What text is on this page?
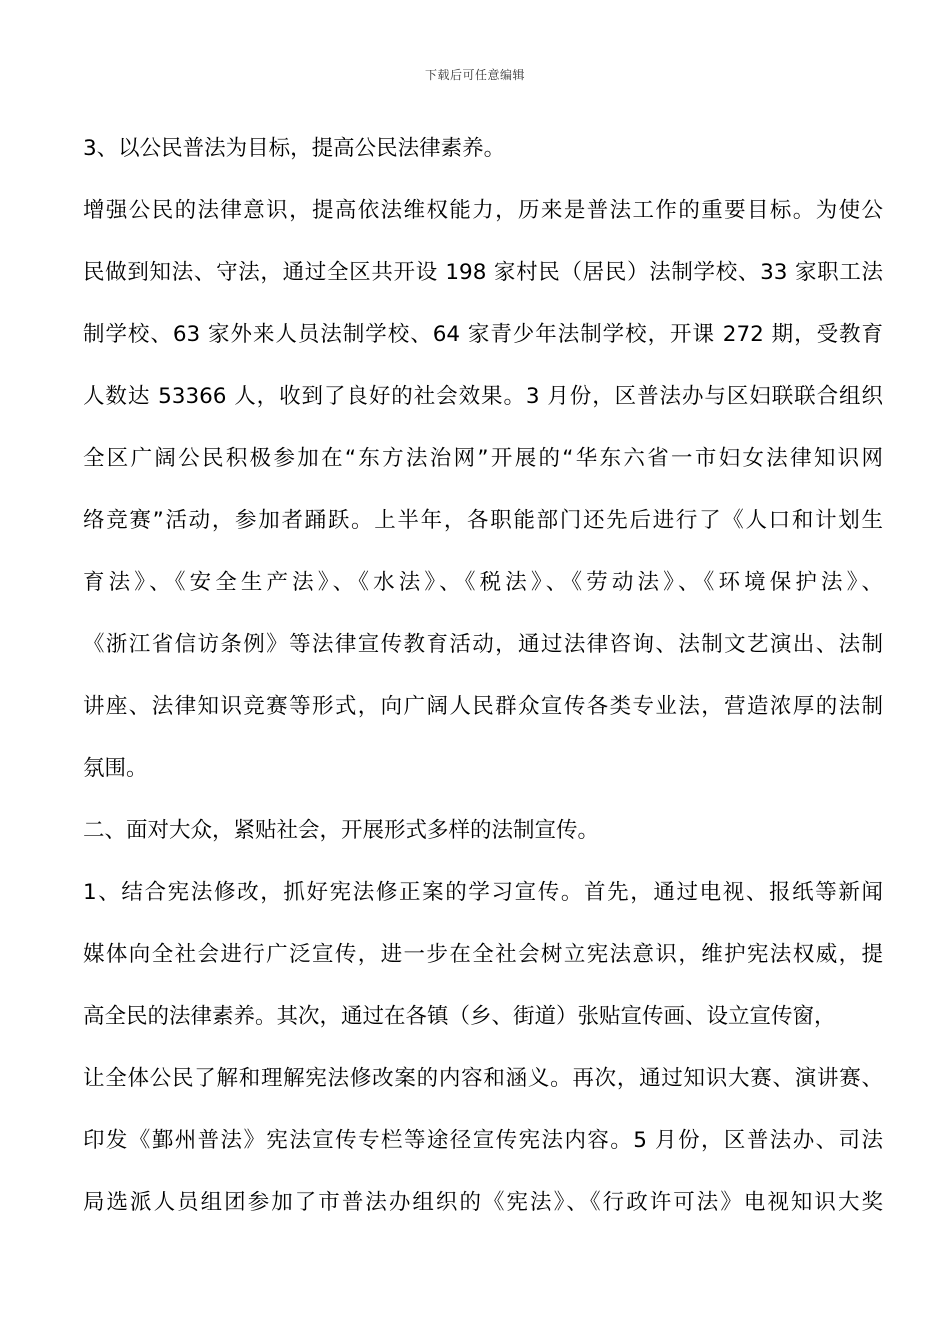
下载后可任意编辑
3、以公民普法为目标，提高公民法律素养。
增强公民的法律意识，提高依法维权能力，历来是普法工作的重要目标。为使公
民做到知法、守法，通过全区共开设 198 家村民（居民）法制学校、33 家职工法
制学校、63 家外来人员法制学校、64 家青少年法制学校，开课 272 期，受教育
人数达 53366 人，收到了良好的社会效果。3 月份，区普法办与区妇联联合组织
全区广阔公民积极参加在“东方法治网”开展的“华东六省一市妇女法律知识网
络竞赛”活动，参加者踊跃。上半年，各职能部门还先后进行了《人口和计划生
育法》、《安全生产法》、《水法》、《税法》、《劳动法》、《环境保护法》、
《浙江省信访条例》等法律宣传教育活动，通过法律咨询、法制文艺演出、法制
讲座、法律知识竞赛等形式，向广阔人民群众宣传各类专业法，营造浓厚的法制
氛围。
二、面对大众，紧贴社会，开展形式多样的法制宣传。
1、结合宪法修改，抓好宪法修正案的学习宣传。首先，通过电视、报纸等新闻
媒体向全社会进行广泛宣传，进一步在全社会树立宪法意识，维护宪法权威，提
高全民的法律素养。其次，通过在各镇（乡、街道）张贴宣传画、设立宣传窗，
让全体公民了解和理解宪法修改案的内容和涵义。再次，通过知识大赛、演讲赛、
印发《鄞州普法》宪法宣传专栏等途径宣传宪法内容。5 月份，区普法办、司法
局选派人员组团参加了市普法办组织的《宪法》、《行政许可法》电视知识大奖
